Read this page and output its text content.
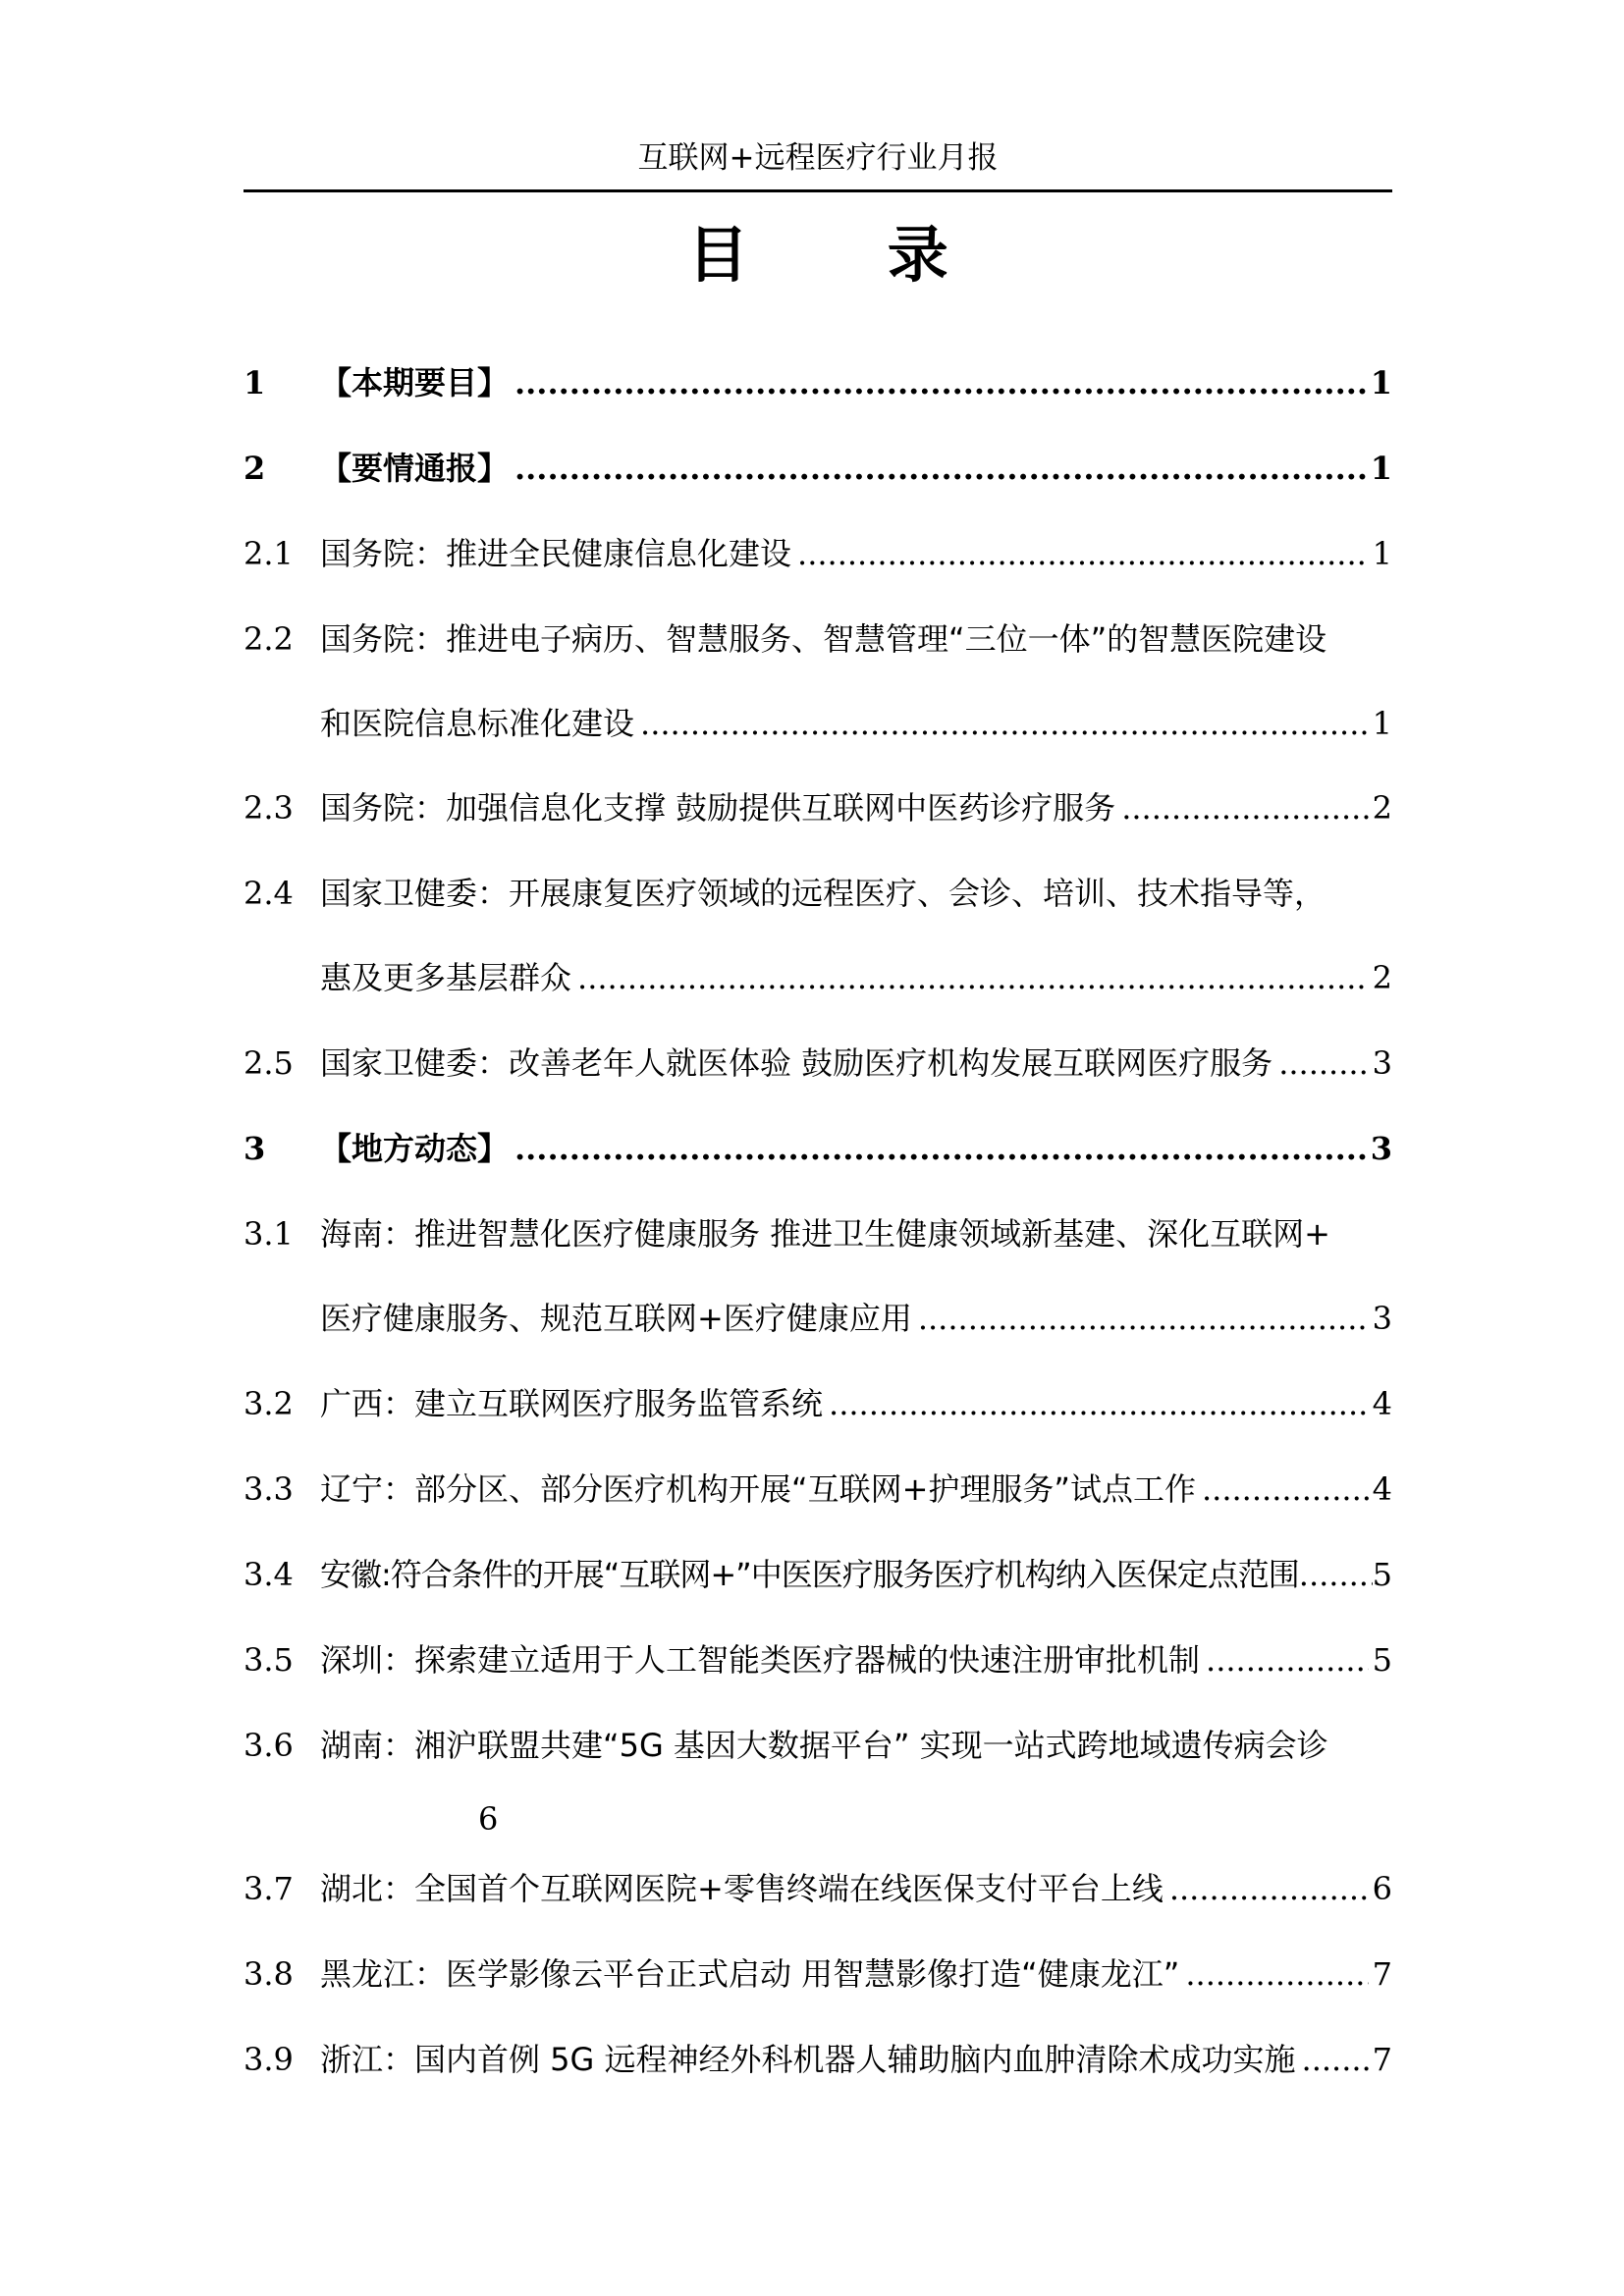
互联网+远程医疗行业月报
目 录
1	【本期要目】 .....	1
2	【要情通报】 .....	1
2.1 国务院：推进全民健康信息化建设 .....	1
2.2 国务院：推进电子病历、智慧服务、智慧管理“三位一体”的智慧医院建设
和医院信息标准化建设 .....	1
2.3 国务院：加强信息化支撑 鼓励提供互联网中医药诊疗服务 .....	2
2.4 国家卫健委：开展康复医疗领域的远程医疗、会诊、培训、技术指导等，
惠及更多基层群众 .....	2
2.5 国家卫健委：改善老年人就医体验 鼓励医疗机构发展互联网医疗服务 .....	3
3	【地方动态】 .....	3
3.1 海南：推进智慧化医疗健康服务 推进卫生健康领域新基建、深化互联网+
医疗健康服务、规范互联网+医疗健康应用 .....	3
3.2 广西：建立互联网医疗服务监管系统 .....	4
3.3 辽宁：部分区、部分医疗机构开展“互联网+护理服务”试点工作 .....	4
3.4 安徽:符合条件的开展“互联网+”中医医疗服务医疗机构纳入医保定点范围 ..... 5
3.5 深圳：探索建立适用于人工智能类医疗器械的快速注册审批机制 .....	5
3.6 湖南：湘沪联盟共建“5G 基因大数据平台” 实现一站式跨地域遗传病会诊
6
3.7 湖北：全国首个互联网医院+零售终端在线医保支付平台上线 .....	6
3.8 黑龙江：医学影像云平台正式启动 用智慧影像打造“健康龙江” .....	7
3.9 浙江：国内首例 5G 远程神经外科机器人辅助脑内血肿清除术成功实施 ..... 7
